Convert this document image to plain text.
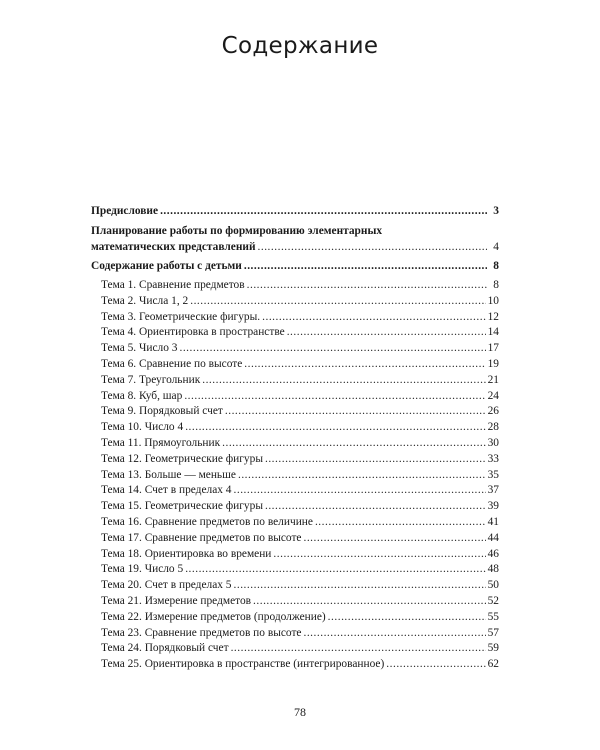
Содержание
Предисловие .....	3
Планирование работы по формированию элементарных
математических представлений .....	4
Содержание работы с детьми .....	8
Тема 1. Сравнение предметов .....	8
Тема 2. Числа 1, 2 .....	10
Тема 3. Геометрические фигуры. .....	12
Тема 4. Ориентировка в пространстве .....	14
Тема 5. Число 3 .....	17
Тема 6. Сравнение по высоте .....	19
Тема 7. Треугольник .....	21
Тема 8. Куб, шар .....	24
Тема 9. Порядковый счет .....	26
Тема 10. Число 4 .....	28
Тема 11. Прямоугольник .....	30
Тема 12. Геометрические фигуры .....	33
Тема 13. Больше — меньше .....	35
Тема 14. Счет в пределах 4 .....	37
Тема 15. Геометрические фигуры .....	39
Тема 16. Сравнение предметов по величине .....	41
Тема 17. Сравнение предметов по высоте .....	44
Тема 18. Ориентировка во времени .....	46
Тема 19. Число 5 .....	48
Тема 20. Счет в пределах 5 .....	50
Тема 21. Измерение предметов .....	52
Тема 22. Измерение предметов (продолжение) .....	55
Тема 23. Сравнение предметов по высоте .....	57
Тема 24. Порядковый счет .....	59
Тема 25. Ориентировка в пространстве (интегрированное) .....	62
78
